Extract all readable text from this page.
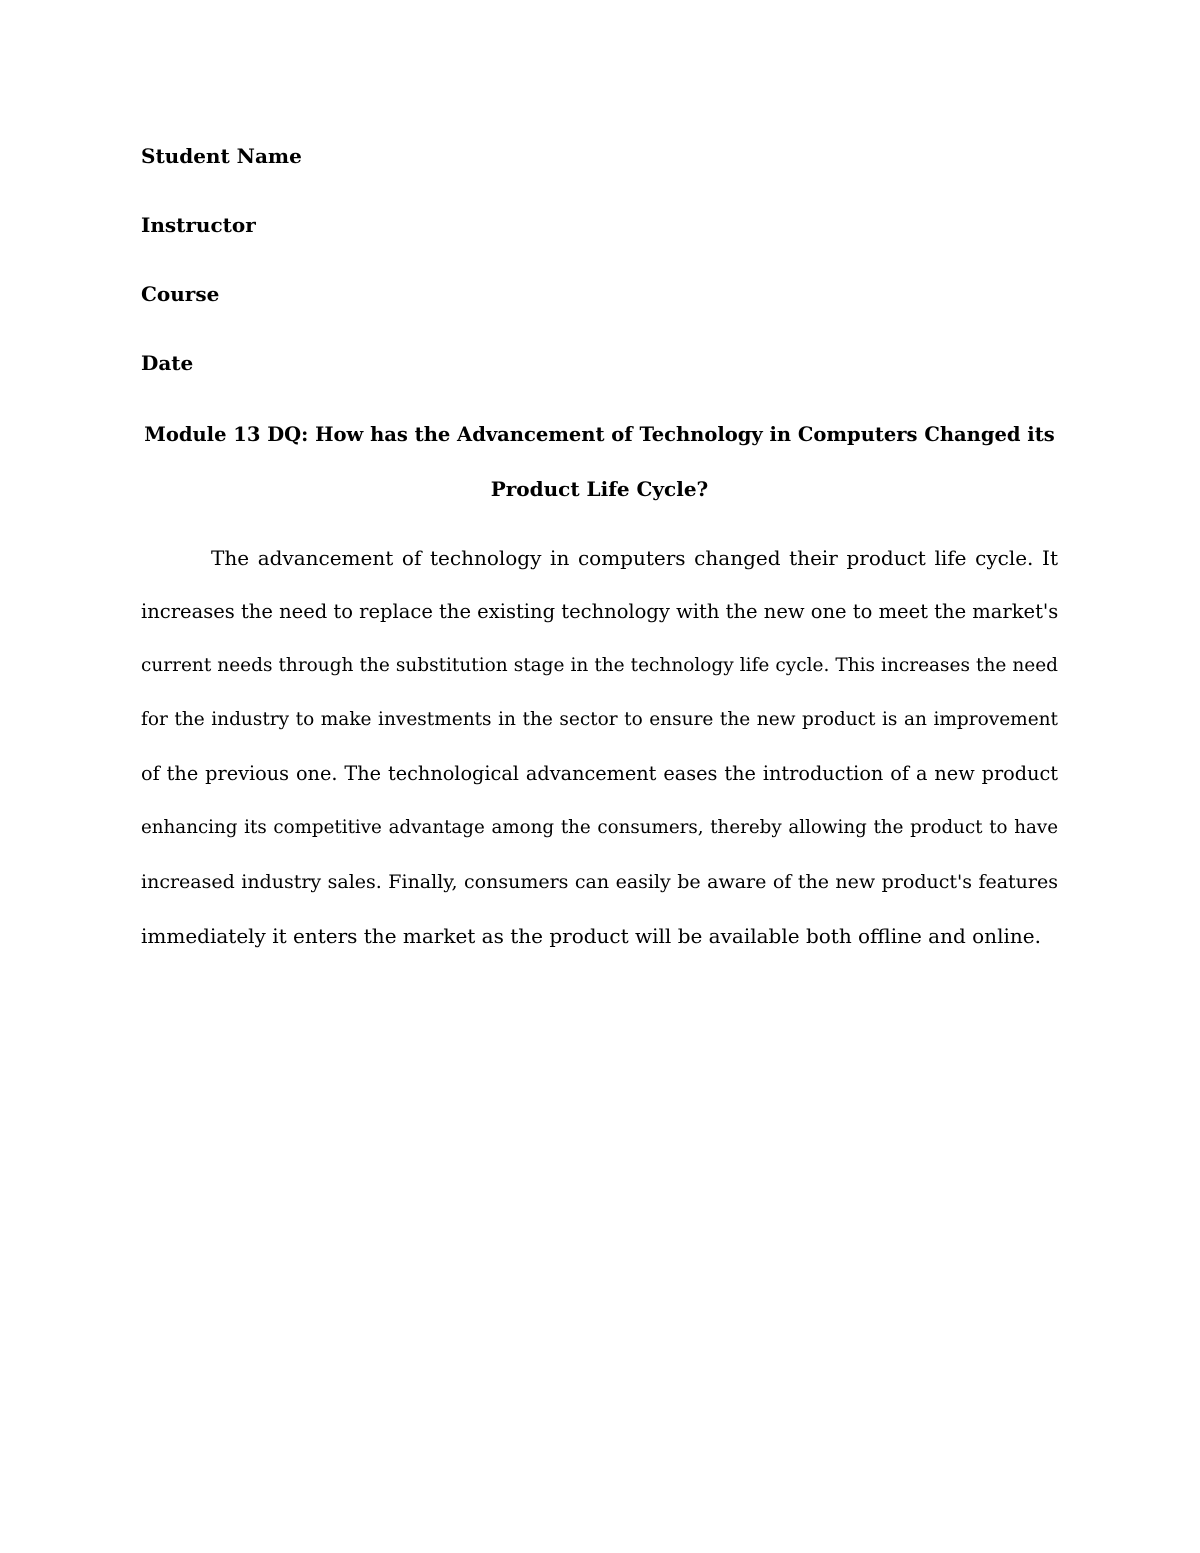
Student Name

Instructor

Course

Date

Module 13 DQ: How has the Advancement of Technology in Computers Changed its

Product Life Cycle?

The advancement of technology in computers changed their product life cycle. It

increases the need to replace the existing technology with the new one to meet the market's

current needs through the substitution stage in the technology life cycle. This increases the need

for the industry to make investments in the sector to ensure the new product is an improvement

of the previous one. The technological advancement eases the introduction of a new product

enhancing its competitive advantage among the consumers, thereby allowing the product to have

increased industry sales. Finally, consumers can easily be aware of the new product's features

immediately it enters the market as the product will be available both offline and online.
